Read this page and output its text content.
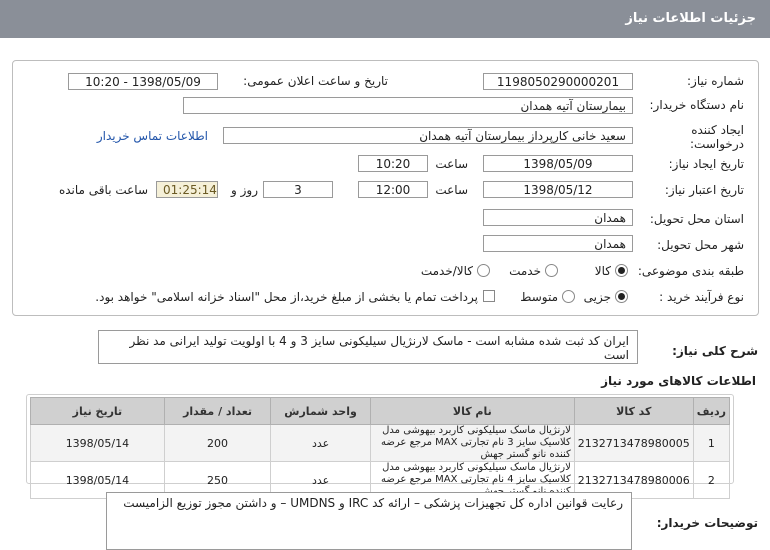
جزئیات اطلاعات نیاز
شماره نیاز:
1198050290000201
تاریخ و ساعت اعلان عمومی:
1398/05/09 - 10:20
نام دستگاه خریدار:
بیمارستان آتیه همدان
ایجاد کننده درخواست:
سعید خانی کارپرداز بیمارستان آتیه همدان
اطلاعات تماس خریدار
تاریخ ایجاد نیاز:
1398/05/09
ساعت
10:20
تاریخ اعتبار نیاز:
1398/05/12
ساعت
12:00
3
روز و
01:25:14
ساعت باقی مانده
استان محل تحویل:
همدان
شهر محل تحویل:
همدان
طبقه بندی موضوعی:
کالا
خدمت
کالا/خدمت
نوع فرآیند خرید :
جزیی
متوسط
پرداخت تمام یا بخشی از مبلغ خرید،از محل "اسناد خزانه اسلامی" خواهد بود.
شرح کلی نیاز:
ایران کد ثبت شده مشابه است - ماسک لارنژیال سیلیکونی سایز 3 و 4 با اولویت تولید ایرانی مد نظر است
اطلاعات کالاهای مورد نیاز
ردیف	کد کالا	نام کالا	واحد شمارش	تعداد / مقدار	تاریخ نیاز
1	2132713478980005	لارنژیال ماسک سیلیکونی کاربرد بیهوشی مدل کلاسیک سایز 3 نام تجارتی MAX مرجع عرضه کننده نانو گستر جهش	عدد	200	1398/05/14
2	2132713478980006	لارنژیال ماسک سیلیکونی کاربرد بیهوشی مدل کلاسیک سایز 4 نام تجارتی MAX مرجع عرضه	عدد	250	1398/05/14
توضیحات خریدار:
رعایت قوانین اداره کل تجهیزات پزشکی – ارائه کد IRC و UMDNS – و داشتن مجوز توزیع الزامیست
